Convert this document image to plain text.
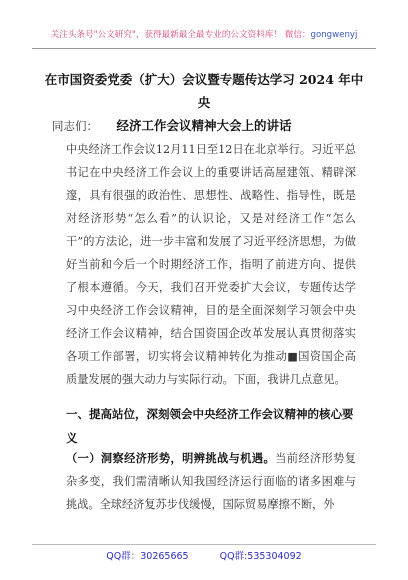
关注头条号"公文研究"，获得最新最全最专业的公文资料库！ 微信：gongwenyj
在市国资委党委（扩大）会议暨专题传达学习 2024 年中央
经济工作会议精神大会上的讲话
同志们：
中央经济工作会议12月11日至12日在北京举行。习近平总书记在中央经济工作会议上的重要讲话高屋建瓴、精辟深邃，具有很强的政治性、思想性、战略性、指导性，既是对经济形势“怎么看”的认识论，又是对经济工作“怎么干”的方法论，进一步丰富和发展了习近平经济思想，为做好当前和今后一个时期经济工作，指明了前进方向、提供了根本遵循。今天，我们召开党委扩大会议，专题传达学习中央经济工作会议精神，目的是全面深刻学习领会中央经济工作会议精神，结合国资国企改革发展认真贯彻落实各项工作部署，切实将会议精神转化为推动■国资国企高质量发展的强大动力与实际行动。下面，我讲几点意见。
一、提高站位，深刻领会中央经济工作会议精神的核心要义
（一）洞察经济形势，明辨挑战与机遇。当前经济形势复杂多变，我们需清晰认知我国经济运行面临的诸多困难与挑战。全球经济复苏步伐缓慢，国际贸易摩擦不断，外
QQ群：30265665	QQ群:535304092
